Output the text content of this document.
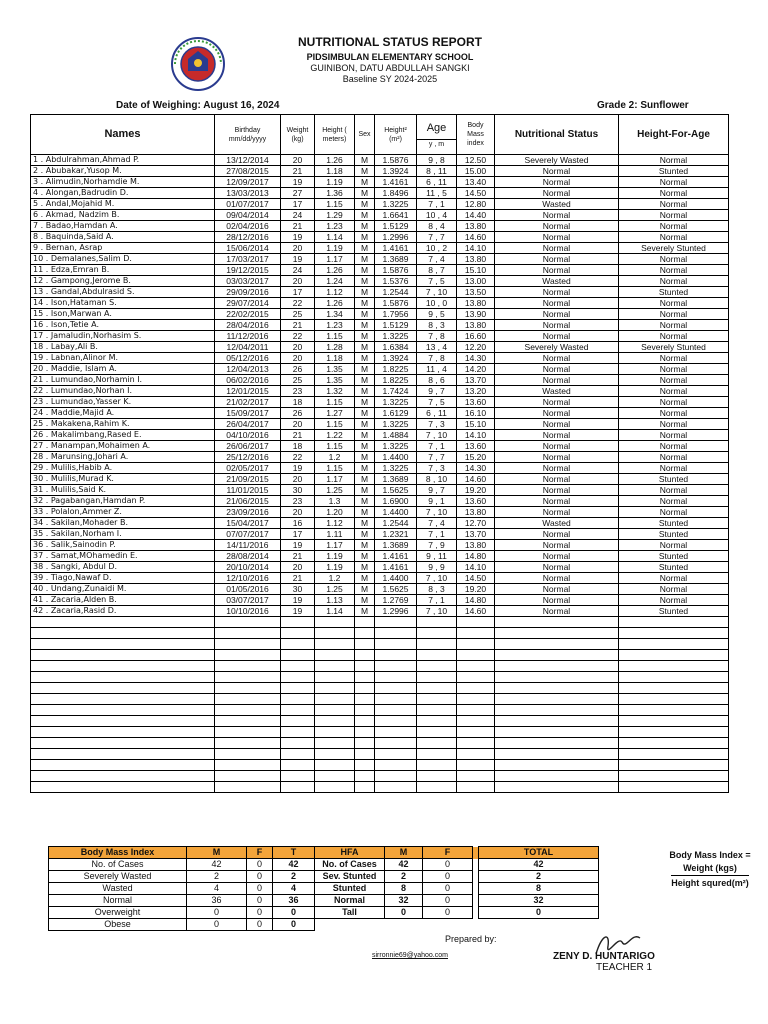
NUTRITIONAL STATUS REPORT
PIDSIMBULAN ELEMENTARY SCHOOL
GUINIBON, DATU ABDULLAH SANGKI
Baseline SY 2024-2025
Date of Weighing: August 16, 2024	Grade 2: Sunflower
Names	Birthday mm/dd/yyyy	Weight (kg)	Height ( meters)	Sex	Height² (m²)	Age
y , m	Body Mass index	Nutritional Status	Height-For-Age
1 . Abdulrahman,Ahmad P.	13/12/2014	20	1.26	M	1.5876	9 , 8	12.50	Severely Wasted	Normal
2 . Abubakar,Yusop M.	27/08/2015	21	1.18	M	1.3924	8 , 11	15.00	Normal	Stunted
3 . Alimudin,Norhamdie M.	12/09/2017	19	1.19	M	1.4161	6 , 11	13.40	Normal	Normal
4 . Alongan,Badrudin D.	13/03/2013	27	1.36	M	1.8496	11 , 5	14.50	Normal	Normal
5 . Andal,Mojahid M.	01/07/2017	17	1.15	M	1.3225	7 , 1	12.80	Wasted	Normal
6 . Akmad, Nadzim B.	09/04/2014	24	1.29	M	1.6641	10 , 4	14.40	Normal	Normal
7 . Badao,Hamdan A.	02/04/2016	21	1.23	M	1.5129	8 , 4	13.80	Normal	Normal
8 . Baquinda,Said A.	28/12/2016	19	1.14	M	1.2996	7 , 7	14.60	Normal	Normal
9 . Bernan, Asrap	15/06/2014	20	1.19	M	1.4161	10 , 2	14.10	Normal	Severely Stunted
10 . Demalanes,Salim D.	17/03/2017	19	1.17	M	1.3689	7 , 4	13.80	Normal	Normal
11 . Edza,Emran B.	19/12/2015	24	1.26	M	1.5876	8 , 7	15.10	Normal	Normal
12 . Gampong,Jerome B.	03/03/2017	20	1.24	M	1.5376	7 , 5	13.00	Wasted	Normal
13 . Gandal,Abdulrasid S.	29/09/2016	17	1.12	M	1.2544	7 , 10	13.50	Normal	Stunted
14 . Ison,Hataman S.	29/07/2014	22	1.26	M	1.5876	10 , 0	13.80	Normal	Normal
15 . Ison,Marwan A.	22/02/2015	25	1.34	M	1.7956	9 , 5	13.90	Normal	Normal
16 . Ison,Tetie A.	28/04/2016	21	1.23	M	1.5129	8 , 3	13.80	Normal	Normal
17 . Jamaludin,Norhasim S.	11/12/2016	22	1.15	M	1.3225	7 , 8	16.60	Normal	Normal
18 . Labay,Ali B.	12/04/2011	20	1.28	M	1.6384	13 , 4	12.20	Severely Wasted	Severely Stunted
19 . Labnan,Alinor M.	05/12/2016	20	1.18	M	1.3924	7 , 8	14.30	Normal	Normal
20 . Maddie, Islam A.	12/04/2013	26	1.35	M	1.8225	11 , 4	14.20	Normal	Normal
21 . Lumundao,Norhamin I.	06/02/2016	25	1.35	M	1.8225	8 , 6	13.70	Normal	Normal
22 . Lumundao,Norhan I.	12/01/2015	23	1.32	M	1.7424	9 , 7	13.20	Wasted	Normal
23 . Lumundao,Yasser K.	21/02/2017	18	1.15	M	1.3225	7 , 5	13.60	Normal	Normal
24 . Maddie,Majid A.	15/09/2017	26	1.27	M	1.6129	6 , 11	16.10	Normal	Normal
25 . Makakena,Rahim K.	26/04/2017	20	1.15	M	1.3225	7 , 3	15.10	Normal	Normal
26 . Makalimbang,Rased E.	04/10/2016	21	1.22	M	1.4884	7 , 10	14.10	Normal	Normal
27 . Manampan,Mohaimen A.	26/06/2017	18	1.15	M	1.3225	7 , 1	13.60	Normal	Normal
28 . Marunsing,Johari A.	25/12/2016	22	1.2	M	1.4400	7 , 7	15.20	Normal	Normal
29 . Mulilis,Habib A.	02/05/2017	19	1.15	M	1.3225	7 , 3	14.30	Normal	Normal
30 . Mulilis,Murad K.	21/09/2015	20	1.17	M	1.3689	8 , 10	14.60	Normal	Stunted
31 . Mulilis,Said K.	11/01/2015	30	1.25	M	1.5625	9 , 7	19.20	Normal	Normal
32 . Pagabangan,Hamdan P.	21/06/2015	23	1.3	M	1.6900	9 , 1	13.60	Normal	Normal
33 . Polalon,Ammer Z.	23/09/2016	20	1.20	M	1.4400	7 , 10	13.80	Normal	Normal
34 . Sakilan,Mohader B.	15/04/2017	16	1.12	M	1.2544	7 , 4	12.70	Wasted	Stunted
35 . Sakilan,Norham I.	07/07/2017	17	1.11	M	1.2321	7 , 1	13.70	Normal	Stunted
36 . Salik,Sainodin P.	14/11/2016	19	1.17	M	1.3689	7 , 9	13.80	Normal	Normal
37 . Samat,MOhamedin E.	28/08/2014	21	1.19	M	1.4161	9 , 11	14.80	Normal	Stunted
38 . Sangki, Abdul D.	20/10/2014	20	1.19	M	1.4161	9 , 9	14.10	Normal	Stunted
39 . Tiago,Nawaf D.	12/10/2016	21	1.2	M	1.4400	7 , 10	14.50	Normal	Normal
40 . Undang,Zunaidi M.	01/05/2016	30	1.25	M	1.5625	8 , 3	19.20	Normal	Normal
41 . Zacaria,Alden B.	03/07/2017	19	1.13	M	1.2769	7 , 1	14.80	Normal	Normal
42 . Zacaria,Rasid D.	10/10/2016	19	1.14	M	1.2996	7 , 10	14.60	Normal	Stunted

Body Mass Index	M	F	T	HFA	M	F		TOTAL
No. of Cases	42	0	42	No. of Cases	42	0		42
Severely Wasted	2	0	2	Sev. Stunted	2	0		2
Wasted	4	0	4	Stunted	8	0		8
Normal	36	0	36	Normal	32	0		32
Overweight	0	0	0	Tall	0	0		0
Obese	0	0	0					
Body Mass Index =
Weight (kgs)
Height squred(m²)
Prepared by:
sirronnie69@yahoo.com	ZENY D. HUNTARIGO
TEACHER 1
